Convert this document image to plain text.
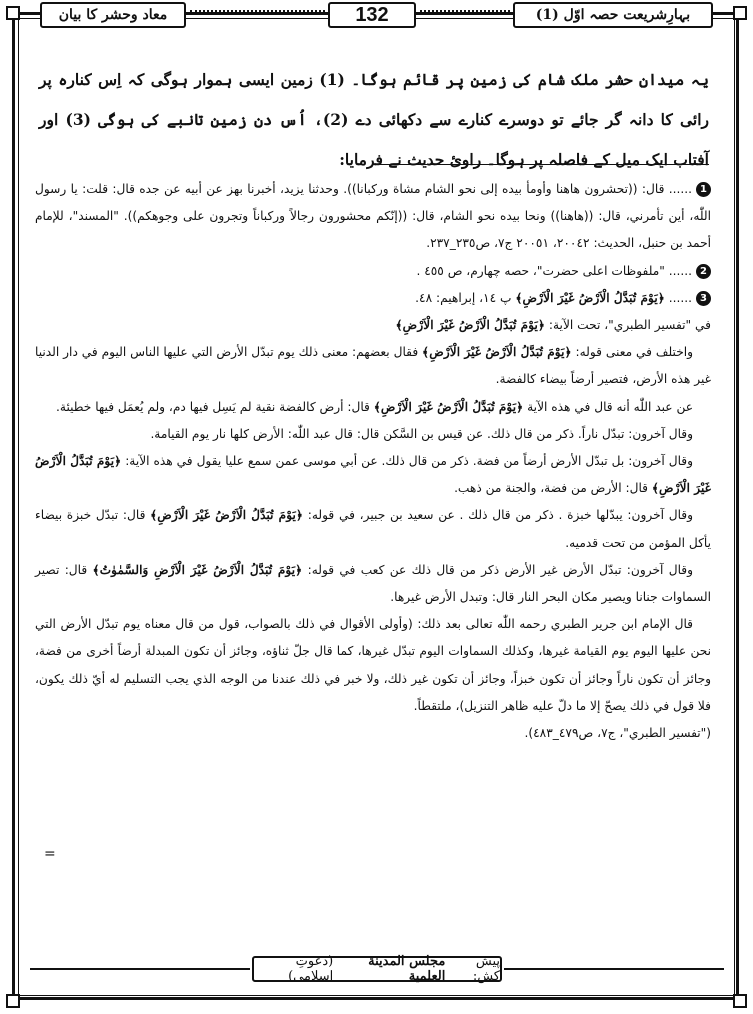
معاد وحشر کا بیان	132	بہارِشریعت حصہ اوّل (1)
یہ میدانِ حشر ملک شام کی زمین پر قائم ہوگا۔ (1) زمین ایسی ہموار ہوگی کہ اِس کنارہ پر رائی کا دانہ گر جائے تو دوسرے کنارے سے دکھائی دے (2)، اُس دن زمین تانبے کی ہوگی (3) اور آفتاب ایک میل کے فاصلہ پر ہوگا۔ راویٔ حدیث نے فرمایا:

1...... قال: ((تحشرون هاهنا وأومأ بيده إلى نحو الشام مشاة وركبانا)). وحدثنا يزيد، أخبرنا بهز عن أبيه عن جده قال: قلت: يا رسول اللّٰه، أين تأمرني، قال: ((هاهنا)) ونحا بيده نحو الشام، قال: ((إنّكم محشورون رجالاً وركباناً وتجرون على وجوهكم)). "المسند"، للإمام أحمد بن حنبل، الحديث: ٢٠٠٤٢، ٢٠٠٥١ ج٧، ص٢٣٥_٢٣٧.

2...... "ملفوظات اعلى حضرت"، حصه چهارم، ص ٤٥٥ .

3...... ﴿يَوْمَ تُبَدَّلُ الْاَرْضُ غَيْرَ الْاَرْضِ﴾ پ ١٤، إبراهيم: ٤٨.

في "تفسير الطبري"، تحت الآية: ﴿يَوْمَ تُبَدَّلُ الْاَرْضُ غَيْرَ الْاَرْضِ﴾

واختلف في معنى قوله: ﴿يَوْمَ تُبَدَّلُ الْاَرْضُ غَيْرَ الْاَرْضِ﴾ فقال بعضهم: معنى ذلك يوم تبدّل الأرض التي عليها الناس اليوم في دار الدنيا غير هذه الأرض، فتصير أرضاً بيضاء كالفضة.

عن عبد اللّٰه أنه قال في هذه الآية ﴿يَوْمَ تُبَدَّلُ الْاَرْضُ غَيْرَ الْاَرْضِ﴾ قال: أرض كالفضة نقية لم يَسِل فيها دم، ولم يُعمَل فيها خطيئة.

وقال آخرون: تبدّل ناراً. ذكر من قال ذلك. عن قيس بن السَّكن قال: قال عبد اللّٰه: الأرض كلها نار يوم القيامة.

وقال آخرون: بل تبدّل الأرض أرضاً من فضة. ذكر من قال ذلك. عن أبي موسى عمن سمع عليا يقول في هذه الآية: ﴿يَوْمَ تُبَدَّلُ الْاَرْضُ غَيْرَ الْاَرْضِ﴾ قال: الأرض من فضة، والجنة من ذهب.

وقال آخرون: يبدّلها خبزة . ذكر من قال ذلك . عن سعيد بن جبير، في قوله: ﴿يَوْمَ تُبَدَّلُ الْاَرْضُ غَيْرَ الْاَرْضِ﴾ قال: تبدّل خبزة بيضاء يأكل المؤمن من تحت قدميه.

وقال آخرون: تبدّل الأرض غير الأرض ذكر من قال ذلك عن كعب في قوله: ﴿يَوْمَ تُبَدَّلُ الْاَرْضُ غَيْرَ الْاَرْضِ وَالسَّمٰوٰتُ﴾ قال: تصير السماوات جنانا ويصير مكان البحر النار قال: وتبدل الأرض غيرها.

قال الإمام ابن جرير الطبري رحمه اللّٰه تعالى بعد ذلك: (وأولى الأقوال في ذلك بالصواب، قول من قال معناه يوم تبدّل الأرض التي نحن عليها اليوم يوم القيامة غيرها، وكذلك السماوات اليوم تبدّل غيرها، كما قال جلّ ثناؤه، وجائز أن تكون المبدلة أرضاً أخرى من فضة، وجائز أن تكون ناراً وجائز أن تكون خبزاً، وجائز أن تكون غير ذلك، ولا خبر في ذلك عندنا من الوجه الذي يجب التسليم له أيّ ذلك يكون، فلا قول في ذلك يصحّ إلا ما دلّ عليه ظاهر التنزيل)، ملتقطاً.

("تفسير الطبري"، ج٧، ص٤٧٩_٤٨٣).

=
پیش کش:

مجلس المدينة العلمية

(دعوتِ اسلامی)
